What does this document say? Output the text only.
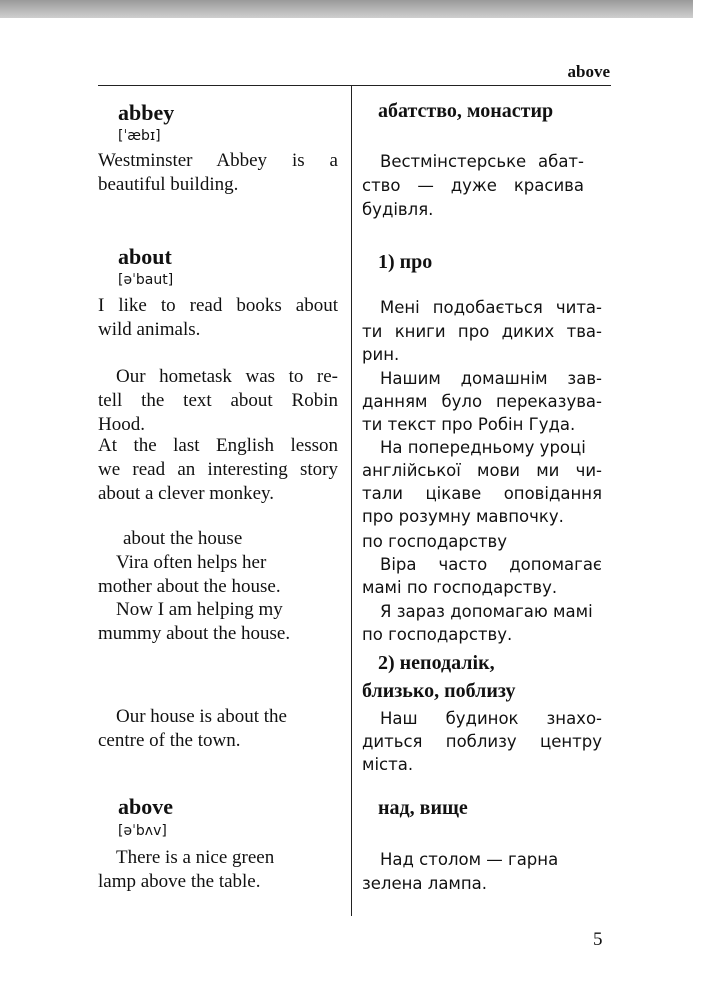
above
abbey
[ˈæbɪ]
Westminster Abbey is a
beautiful building.
about
[əˈbaut]
I like to read books about
wild animals.
Our hometask was to re-
tell the text about Robin
Hood.
At the last English lesson
we read an interesting story
about a clever monkey.
about the house
Vira often helps her
mother about the house.
Now I am helping my
mummy about the house.
Our house is about the
centre of the town.
above
[əˈbʌv]
There is a nice green
lamp above the table.
абатство, монастир
Вестмінстерське абат-
ство — дуже красива
будівля.
1) про
Мені подобається чита-
ти книги про диких твa-
рин.
Нашим домашнім зав-
данням було переказува-
ти текст про Робін Гуда.
На попередньому уроці
англійської мови ми чи-
тали цікаве оповідання
про розумну мавпочку.
по господарству
Віра часто допомагає
мамі по господарству.
Я зараз допомагаю мамі
по господарству.
2) неподалік,
близько, поблизу
Наш будинок знахо-
диться поблизу центру
міста.
над, вище
Над столом — гарна
зелена лампа.
5
